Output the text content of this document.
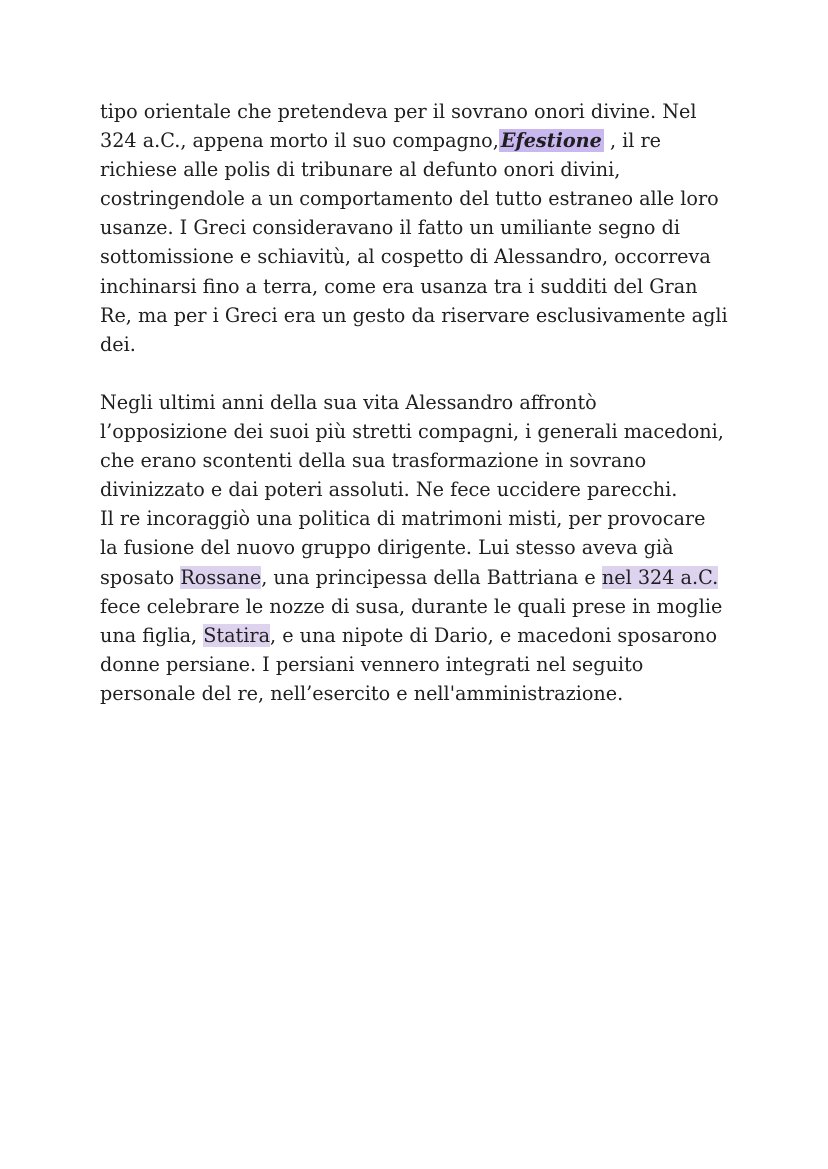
tipo orientale che pretendeva per il sovrano onori divine. Nel
324 a.C., appena morto il suo compagno, Efestione , il re
richiese alle polis di tribunare al defunto onori divini,
costringendole a un comportamento del tutto estraneo alle loro
usanze. I Greci consideravano il fatto un umiliante segno di
sottomissione e schiavitù, al cospetto di Alessandro, occorreva
inchinarsi fino a terra, come era usanza tra i sudditi del Gran
Re, ma per i Greci era un gesto da riservare esclusivamente agli
dei.
Negli ultimi anni della sua vita Alessandro affrontò
l’opposizione dei suoi più stretti compagni, i generali macedoni,
che erano scontenti della sua trasformazione in sovrano
divinizzato e dai poteri assoluti. Ne fece uccidere parecchi.
Il re incoraggiò una politica di matrimoni misti, per provocare
la fusione del nuovo gruppo dirigente. Lui stesso aveva già
sposato Rossane, una principessa della Battriana e nel 324 a.C.
fece celebrare le nozze di susa, durante le quali prese in moglie
una figlia, Statira, e una nipote di Dario, e macedoni sposarono
donne persiane. I persiani vennero integrati nel seguito
personale del re, nell’esercito e nell'amministrazione.
